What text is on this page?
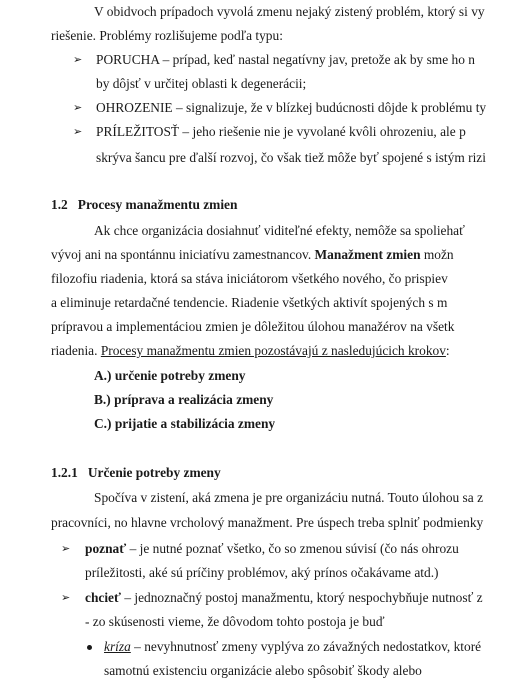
V obidvoch prípadoch vyvolá zmenu nejaký zistený problém, ktorý si vy
riešenie. Problémy rozlišujeme podľa typu:
➢ PORUCHA – prípad, keď nastal negatívny jav, pretože ak by sme ho n
by dôjsť v určitej oblasti k degenerácii;
➢ OHROZENIE – signalizuje, že v blízkej budúcnosti dôjde k problému ty
➢ PRÍLEŽITOSŤ – jeho riešenie nie je vyvolané kvôli ohrozeniu, ale p
skrýva šancu pre ďalší rozvoj, čo však tiež môže byť spojené s istým rizi
1.2   Procesy manažmentu zmien
Ak chce organizácia dosiahnuť viditeľné efekty, nemôže sa spoliehať
vývoj ani na spontánnu iniciatívu zamestnancov. Manažment zmien možn
filozofiu riadenia, ktorá sa stáva iniciátorom všetkého nového, čo prispiev
a eliminuje retardačné tendencie. Riadenie všetkých aktivít spojených s m
prípravou a implementáciou zmien je dôležitou úlohou manažérov na všetk
riadenia. Procesy manažmentu zmien pozostávajú z nasledujúcich krokov:
A.) určenie potreby zmeny
B.) príprava a realizácia zmeny
C.) prijatie a stabilizácia zmeny
1.2.1   Určenie potreby zmeny
Spočíva v zistení, aká zmena je pre organizáciu nutná. Touto úlohou sa z
pracovníci, no hlavne vrcholový manažment. Pre úspech treba splniť podmienky
➢ poznať – je nutné poznať všetko, čo so zmenou súvisí (čo nás ohrozu
príležitosti, aké sú príčiny problémov, aký prínos očakávame atd.)
➢ chcieť – jednoznačný postoj manažmentu, ktorý nespochybňuje nutnosť z
- zo skúsenosti vieme, že dôvodom tohto postoja je buď
kríza – nevyhnutnosť zmeny vyplýva zo závažných nedostatkov, ktoré
samotnú existenciu organizácie alebo spôsobiť škody alebo
